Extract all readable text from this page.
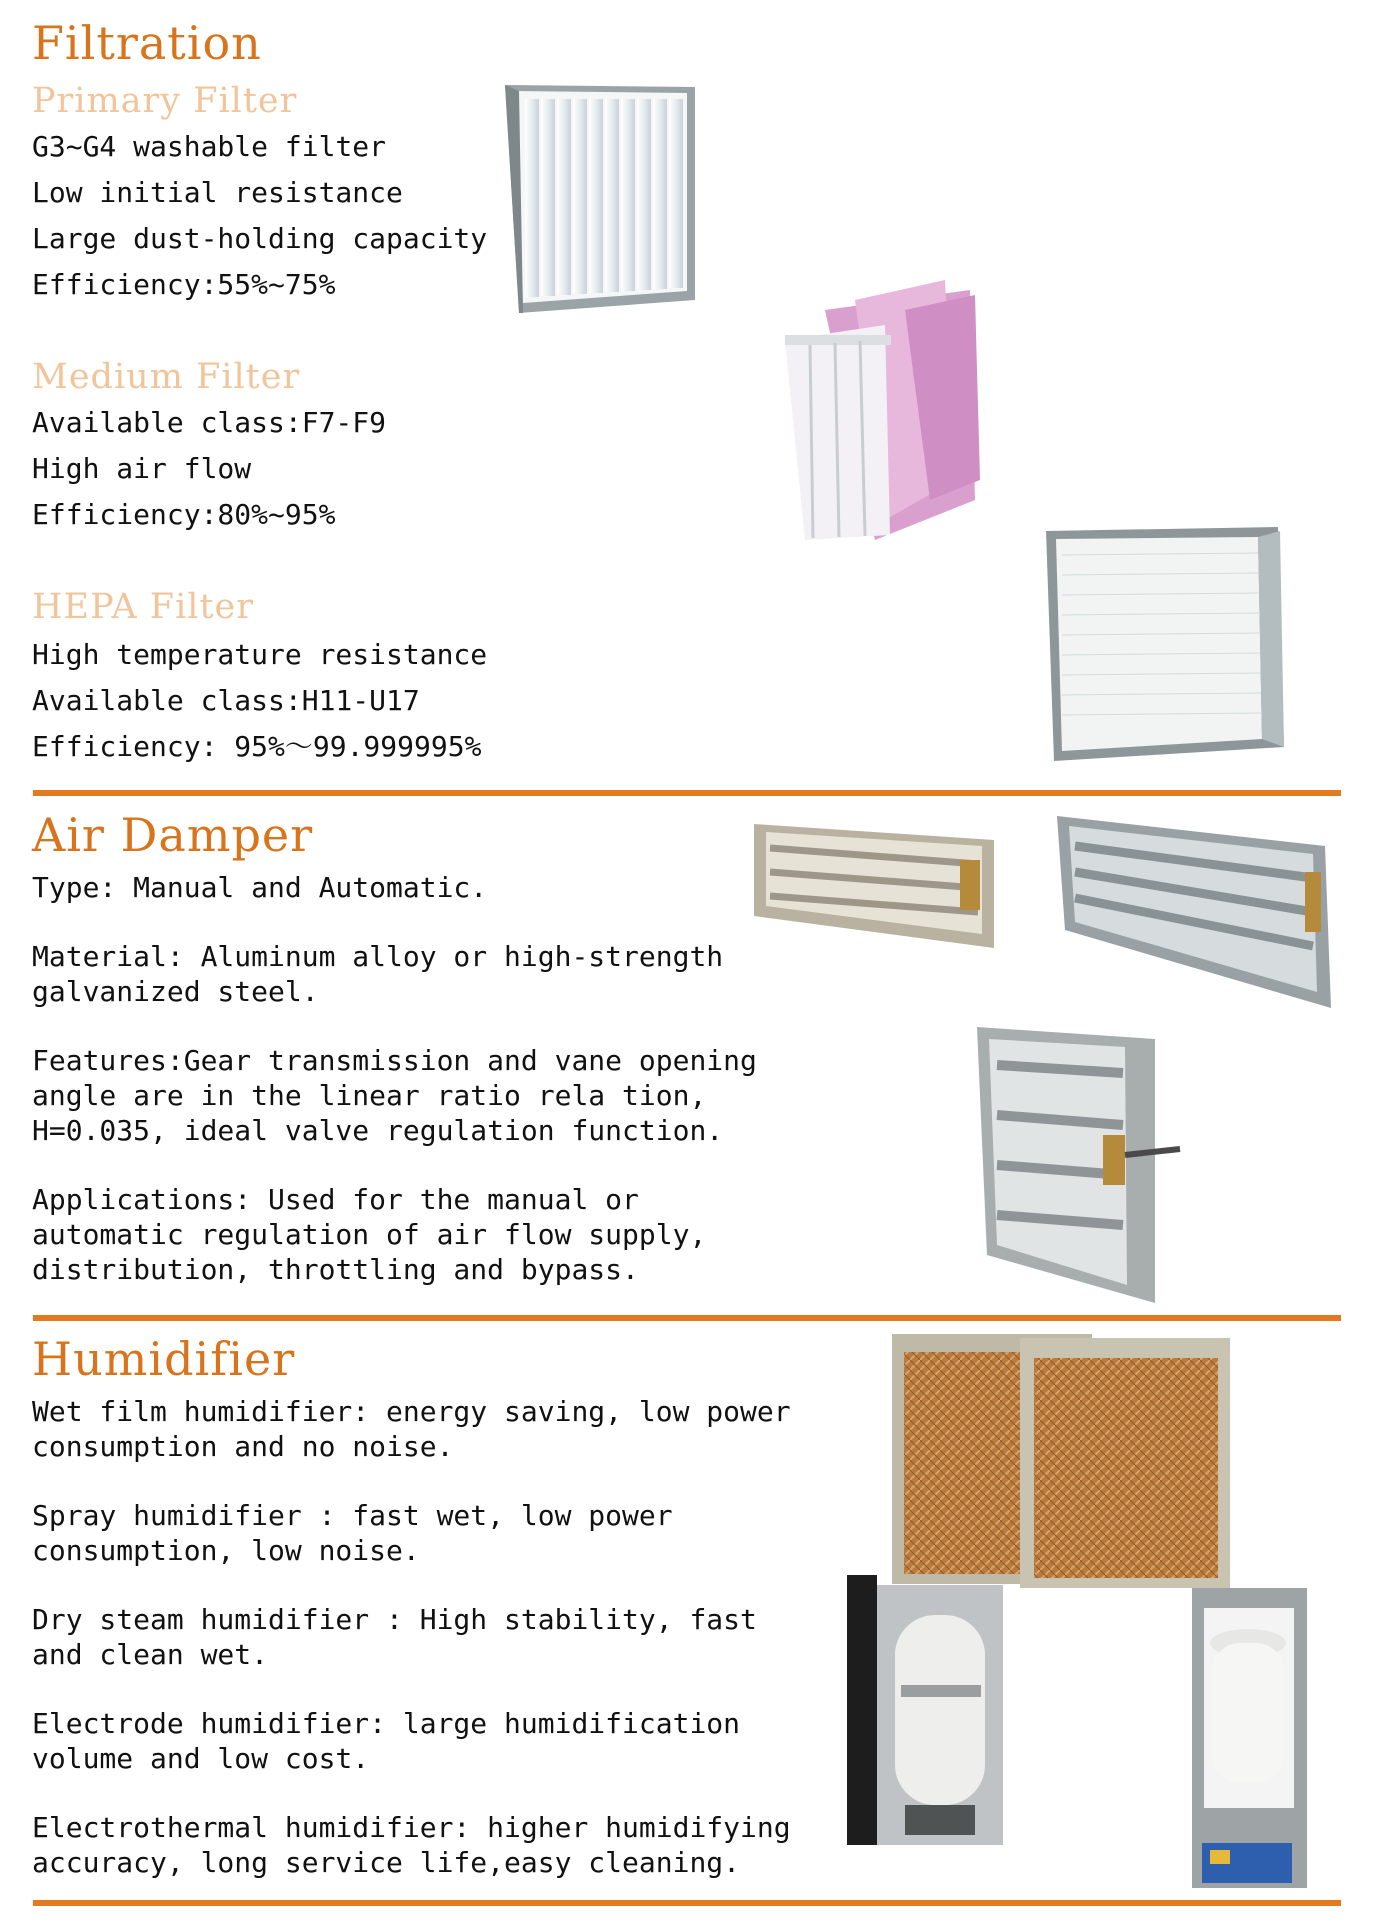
Filtration
Primary Filter
G3~G4 washable filter
Low initial resistance
Large dust-holding capacity
Efficiency:55%~75%
Medium Filter
Available class:F7-F9
High air flow
Efficiency:80%~95%
HEPA Filter
High temperature resistance
Available class:H11-U17
Efficiency: 95%～99.999995%
Air Damper

Type: Manual and Automatic.

Material: Aluminum alloy or high-strength
galvanized steel.

Features:Gear transmission and vane opening
angle are in the linear ratio rela tion,
H=0.035, ideal valve regulation function.

Applications: Used for the manual or
automatic regulation of air flow supply,
distribution, throttling and bypass.

Humidifier

Wet film humidifier: energy saving, low power
consumption and no noise.

Spray humidifier : fast wet, low power
consumption, low noise.

Dry steam humidifier : High stability, fast
and clean wet.

Electrode humidifier: large humidification
volume and low cost.

Electrothermal humidifier: higher humidifying
accuracy, long service life,easy cleaning.
